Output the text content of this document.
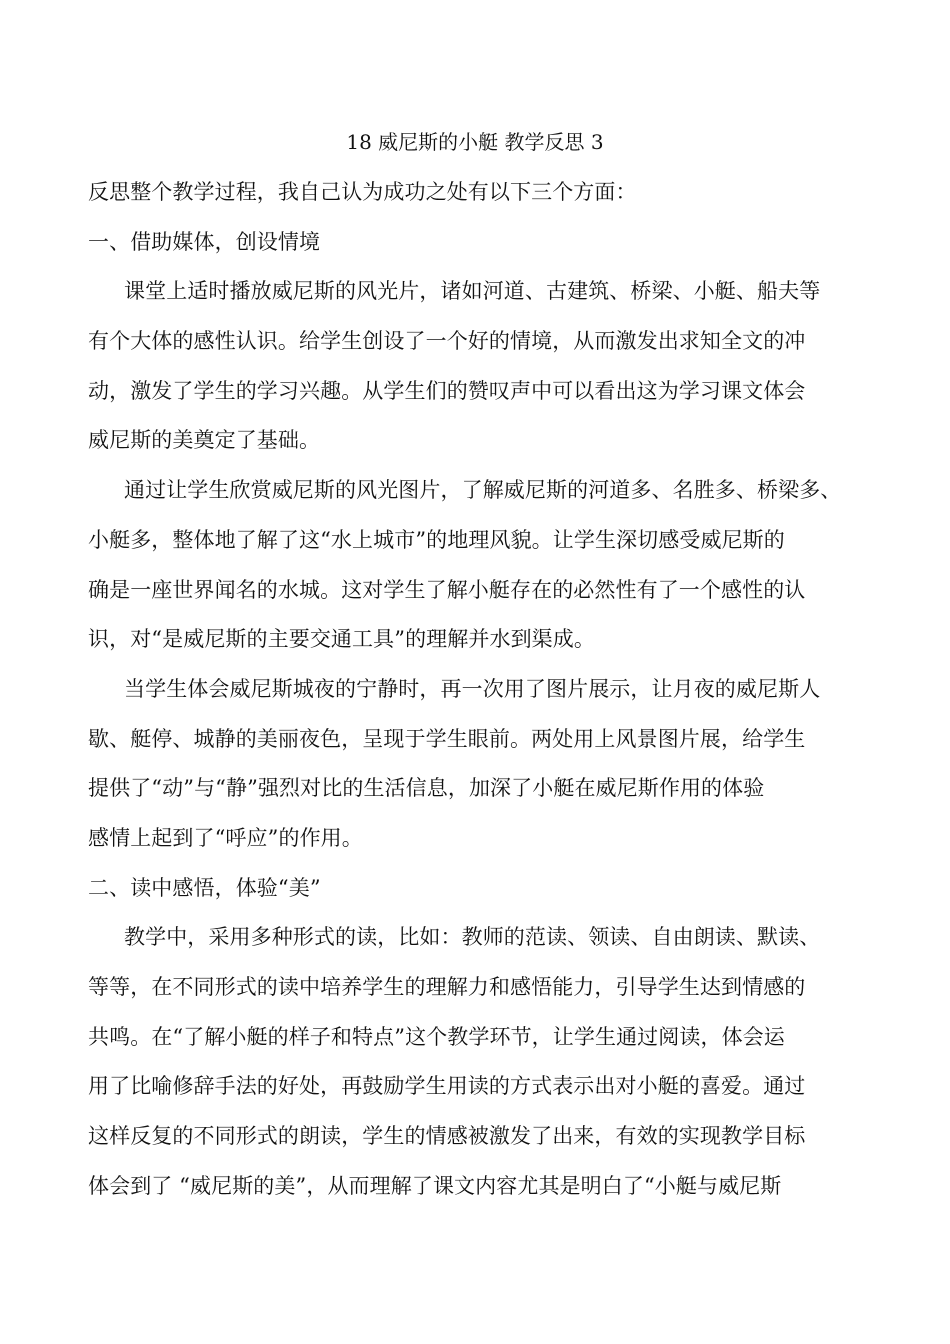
18 威尼斯的小艇 教学反思 3
反思整个教学过程，我自己认为成功之处有以下三个方面：
一、借助媒体，创设情境
课堂上适时播放威尼斯的风光片，诸如河道、古建筑、桥梁、小艇、船夫等
有个大体的感性认识。给学生创设了一个好的情境，从而激发出求知全文的冲
动，激发了学生的学习兴趣。从学生们的赞叹声中可以看出这为学习课文体会
威尼斯的美奠定了基础。
通过让学生欣赏威尼斯的风光图片，了解威尼斯的河道多、名胜多、桥梁多、
小艇多，整体地了解了这“水上城市”的地理风貌。让学生深切感受威尼斯的
确是一座世界闻名的水城。这对学生了解小艇存在的必然性有了一个感性的认
识，对“是威尼斯的主要交通工具”的理解并水到渠成。
当学生体会威尼斯城夜的宁静时，再一次用了图片展示，让月夜的威尼斯人
歇、艇停、城静的美丽夜色，呈现于学生眼前。两处用上风景图片展，给学生
提供了“动”与“静”强烈对比的生活信息，加深了小艇在威尼斯作用的体验
感情上起到了“呼应”的作用。
二、读中感悟，体验“美”
教学中，采用多种形式的读，比如：教师的范读、领读、自由朗读、默读、
等等，在不同形式的读中培养学生的理解力和感悟能力，引导学生达到情感的
共鸣。在“了解小艇的样子和特点”这个教学环节，让学生通过阅读，体会运
用了比喻修辞手法的好处，再鼓励学生用读的方式表示出对小艇的喜爱。通过
这样反复的不同形式的朗读，学生的情感被激发了出来，有效的实现教学目标
体会到了 “威尼斯的美”，从而理解了课文内容尤其是明白了“小艇与威尼斯
